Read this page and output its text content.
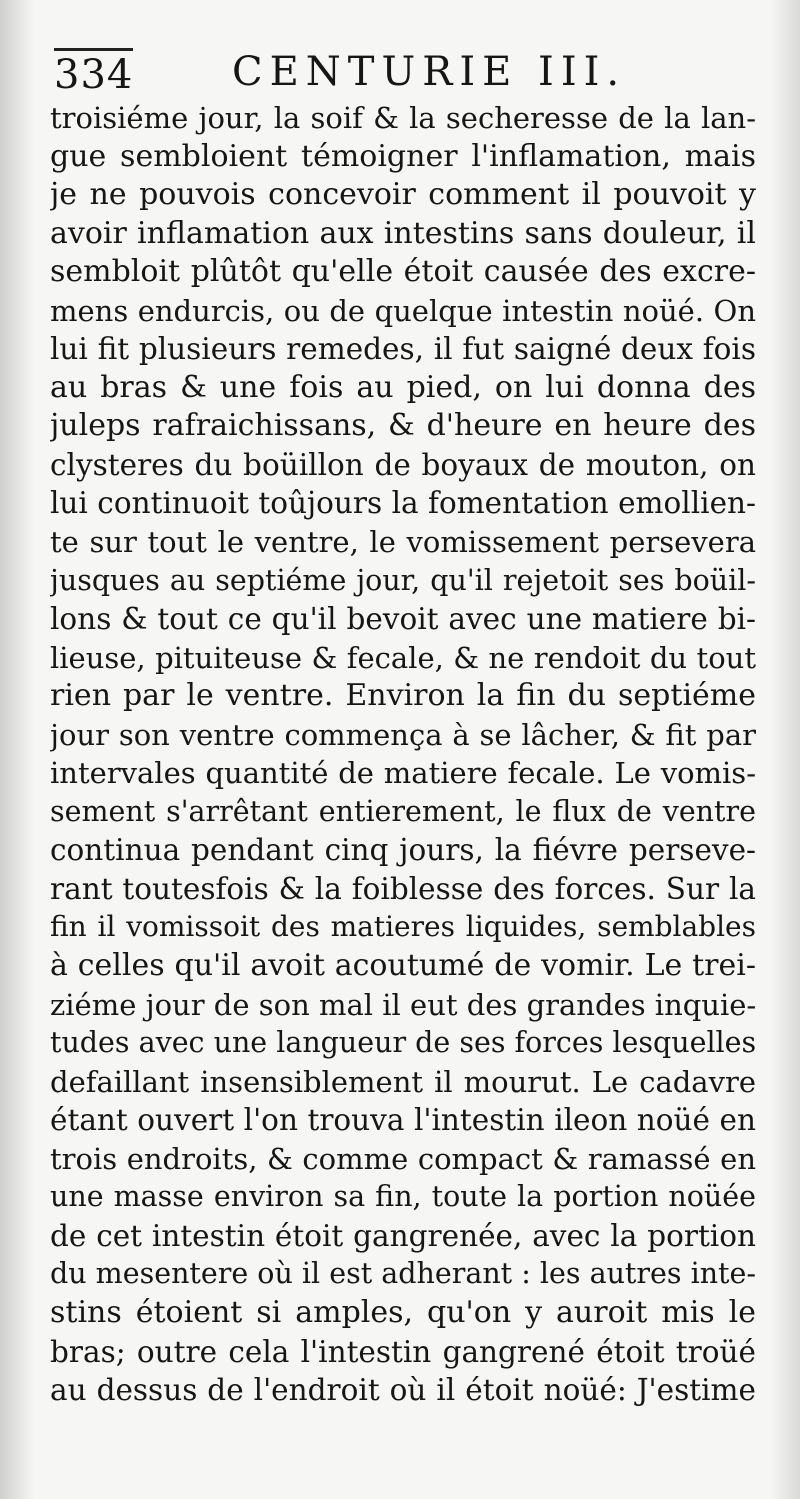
334 CENTURIE III.
troisiéme jour, la soif & la secheresse de la lan-
gue sembloient témoigner l'inflamation, mais
je ne pouvois concevoir comment il pouvoit y
avoir inflamation aux intestins sans douleur, il
sembloit plûtôt qu'elle étoit causée des excre-
mens endurcis, ou de quelque intestin noüé. On
lui fit plusieurs remedes, il fut saigné deux fois
au bras & une fois au pied, on lui donna des
juleps rafraichissans, & d'heure en heure des
clysteres du boüillon de boyaux de mouton, on
lui continuoit toûjours la fomentation emollien-
te sur tout le ventre, le vomissement persevera
jusques au septiéme jour, qu'il rejetoit ses boüil-
lons & tout ce qu'il bevoit avec une matiere bi-
lieuse, pituiteuse & fecale, & ne rendoit du tout
rien par le ventre. Environ la fin du septiéme
jour son ventre commença à se lâcher, & fit par
intervales quantité de matiere fecale. Le vomis-
sement s'arrêtant entierement, le flux de ventre
continua pendant cinq jours, la fiévre perseve-
rant toutesfois & la foiblesse des forces. Sur la
fin il vomissoit des matieres liquides, semblables
à celles qu'il avoit acoutumé de vomir. Le trei-
ziéme jour de son mal il eut des grandes inquie-
tudes avec une langueur de ses forces lesquelles
defaillant insensiblement il mourut. Le cadavre
étant ouvert l'on trouva l'intestin ileon noüé en
trois endroits, & comme compact & ramassé en
une masse environ sa fin, toute la portion noüée
de cet intestin étoit gangrenée, avec la portion
du mesentere où il est adherant : les autres inte-
stins étoient si amples, qu'on y auroit mis le
bras; outre cela l'intestin gangrené étoit troüé
au dessus de l'endroit où il étoit noüé: J'estime
